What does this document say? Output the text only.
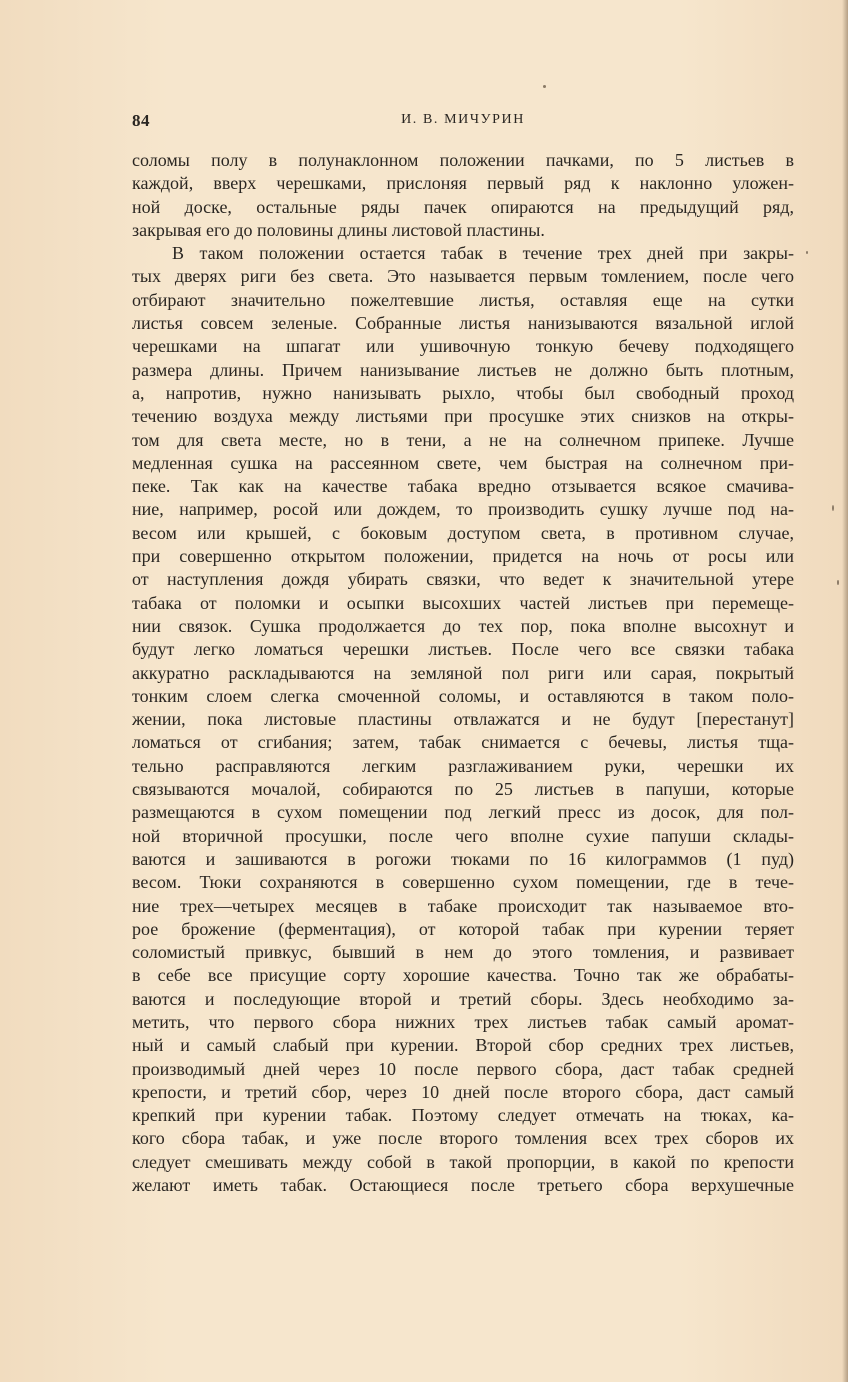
84	И. В. МИЧУРИН
соломы полу в полунаклонном положении пачками, по 5 листьев в
каждой, вверх черешками, прислоняя первый ряд к наклонно уложен-
ной доске, остальные ряды пачек опираются на предыдущий ряд,
закрывая его до половины длины листовой пластины.
В таком положении остается табак в течение трех дней при закры-
тых дверях риги без света. Это называется первым томлением, после чего
отбирают значительно пожелтевшие листья, оставляя еще на сутки
листья совсем зеленые. Собранные листья нанизываются вязальной иглой
черешками на шпагат или ушивочную тонкую бечеву подходящего
размера длины. Причем нанизывание листьев не должно быть плотным,
а, напротив, нужно нанизывать рыхло, чтобы был свободный проход
течению воздуха между листьями при просушке этих снизков на откры-
том для света месте, но в тени, а не на солнечном припеке. Лучше
медленная сушка на рассеянном свете, чем быстрая на солнечном при-
пеке. Так как на качестве табака вредно отзывается всякое смачива-
ние, например, росой или дождем, то производить сушку лучше под на-
весом или крышей, с боковым доступом света, в противном случае,
при совершенно открытом положении, придется на ночь от росы или
от наступления дождя убирать связки, что ведет к значительной утере
табака от поломки и осыпки высохших частей листьев при перемеще-
нии связок. Сушка продолжается до тех пор, пока вполне высохнут и
будут легко ломаться черешки листьев. После чего все связки табака
аккуратно раскладываются на земляной пол риги или сарая, покрытый
тонким слоем слегка смоченной соломы, и оставляются в таком поло-
жении, пока листовые пластины отвлажатся и не будут [перестанут]
ломаться от сгибания; затем, табак снимается с бечевы, листья тща-
тельно расправляются легким разглаживанием руки, черешки их
связываются мочалой, собираются по 25 листьев в папуши, которые
размещаются в сухом помещении под легкий пресс из досок, для пол-
ной вторичной просушки, после чего вполне сухие папуши склады-
ваются и зашиваются в рогожи тюками по 16 килограммов (1 пуд)
весом. Тюки сохраняются в совершенно сухом помещении, где в тече-
ние трех—четырех месяцев в табаке происходит так называемое вто-
рое брожение (ферментация), от которой табак при курении теряет
соломистый привкус, бывший в нем до этого томления, и развивает
в себе все присущие сорту хорошие качества. Точно так же обрабаты-
ваются и последующие второй и третий сборы. Здесь необходимо за-
метить, что первого сбора нижних трех листьев табак самый аромат-
ный и самый слабый при курении. Второй сбор средних трех листьев,
производимый дней через 10 после первого сбора, даст табак средней
крепости, и третий сбор, через 10 дней после второго сбора, даст самый
крепкий при курении табак. Поэтому следует отмечать на тюках, ка-
кого сбора табак, и уже после второго томления всех трех сборов их
следует смешивать между собой в такой пропорции, в какой по крепости
желают иметь табак. Остающиеся после третьего сбора верхушечные
